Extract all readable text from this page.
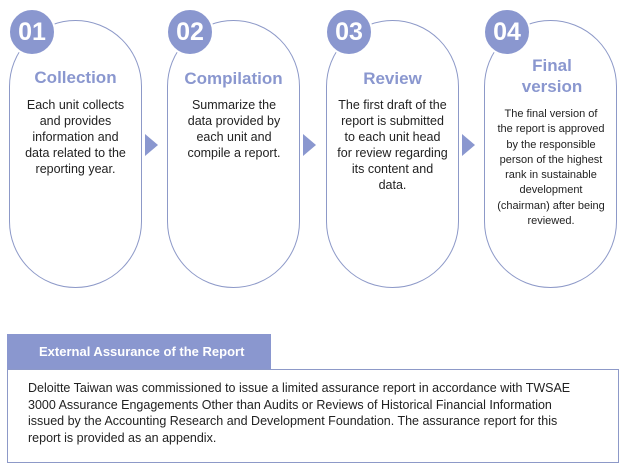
01
Collection
Each unit collects and provides information and data related to the reporting year.
02
Compilation
Summarize the data provided by each unit and compile a report.
03
Review
The first draft of the report is submitted to each unit head for review regarding its content and data.
04
Final version
The final version of the report is approved by the responsible person of the highest rank in sustainable development (chairman) after being reviewed.
External Assurance of the Report
Deloitte Taiwan was commissioned to issue a limited assurance report in accordance with TWSAE 3000 Assurance Engagements Other than Audits or Reviews of Historical Financial Information issued by the Accounting Research and Development Foundation. The assurance report for this report is provided as an appendix.
